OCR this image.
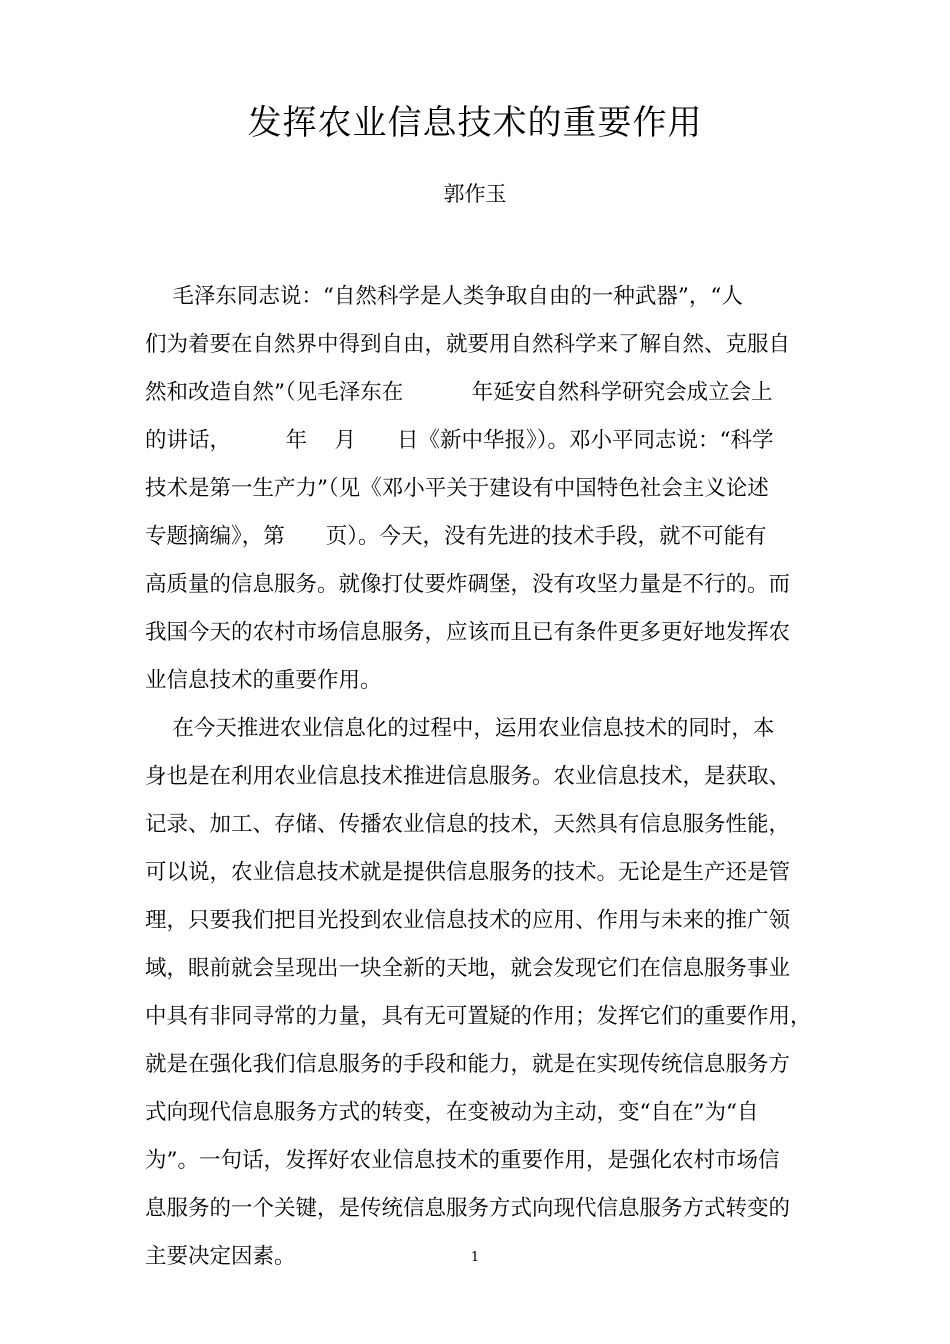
发挥农业信息技术的重要作用
郭作玉
毛泽东同志说：“自然科学是人类争取自由的一种武器”，“人
们为着要在自然界中得到自由，就要用自然科学来了解自然、克服自
然和改造自然”（见毛泽东在          年延安自然科学研究会成立会上
的讲话，        年    月      日《新中华报》）。邓小平同志说：“科学
技术是第一生产力”（见《邓小平关于建设有中国特色社会主义论述
专题摘编》，第      页）。今天，没有先进的技术手段，就不可能有
高质量的信息服务。就像打仗要炸碉堡，没有攻坚力量是不行的。而
我国今天的农村市场信息服务，应该而且已有条件更多更好地发挥农
业信息技术的重要作用。
在今天推进农业信息化的过程中，运用农业信息技术的同时，本
身也是在利用农业信息技术推进信息服务。农业信息技术，是获取、
记录、加工、存储、传播农业信息的技术，天然具有信息服务性能，
可以说，农业信息技术就是提供信息服务的技术。无论是生产还是管
理，只要我们把目光投到农业信息技术的应用、作用与未来的推广领
域，眼前就会呈现出一块全新的天地，就会发现它们在信息服务事业
中具有非同寻常的力量，具有无可置疑的作用；发挥它们的重要作用，
就是在强化我们信息服务的手段和能力，就是在实现传统信息服务方
式向现代信息服务方式的转变，在变被动为主动，变“自在”为“自
为”。一句话，发挥好农业信息技术的重要作用，是强化农村市场信
息服务的一个关键，是传统信息服务方式向现代信息服务方式转变的
主要决定因素。	1
